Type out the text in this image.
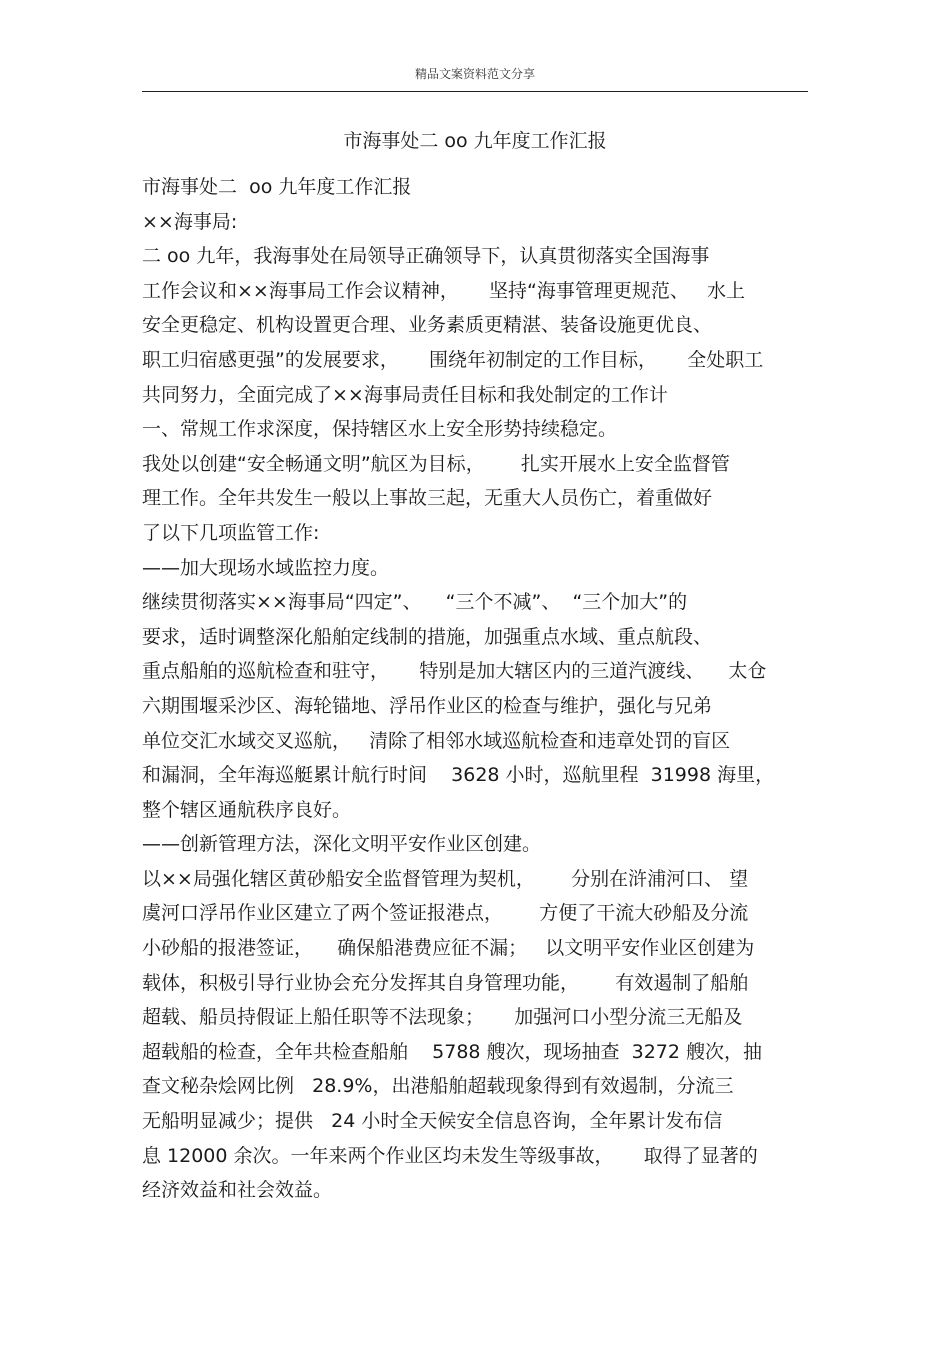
精品文案资料范文分享
市海事处二 oo 九年度工作汇报
市海事处二  oo 九年度工作汇报
××海事局:
二 oo 九年，我海事处在局领导正确领导下，认真贯彻落实全国海事
工作会议和××海事局工作会议精神，     坚持“海事管理更规范、   水上
安全更稳定、机构设置更合理、业务素质更精湛、装备设施更优良、
职工归宿感更强”的发展要求，     围绕年初制定的工作目标，     全处职工
共同努力，全面完成了××海事局责任目标和我处制定的工作计
一、常规工作求深度，保持辖区水上安全形势持续稳定。
我处以创建“安全畅通文明”航区为目标，      扎实开展水上安全监督管
理工作。全年共发生一般以上事故三起，无重大人员伤亡，着重做好
了以下几项监管工作:
——加大现场水域监控力度。
继续贯彻落实××海事局“四定”、    “三个不减”、  “三个加大”的
要求，适时调整深化船舶定线制的措施，加强重点水域、重点航段、
重点船舶的巡航检查和驻守，     特别是加大辖区内的三道汽渡线、    太仓
六期围堰采沙区、海轮锚地、浮吊作业区的检查与维护，强化与兄弟
单位交汇水域交叉巡航，   清除了相邻水域巡航检查和违章处罚的盲区
和漏洞，全年海巡艇累计航行时间    3628 小时，巡航里程  31998 海里，
整个辖区通航秩序良好。
——创新管理方法，深化文明平安作业区创建。
以××局强化辖区黄砂船安全监督管理为契机，      分别在浒浦河口、 望
虞河口浮吊作业区建立了两个签证报港点，      方便了干流大砂船及分流
小砂船的报港签证，    确保船港费应征不漏；   以文明平安作业区创建为
载体，积极引导行业协会充分发挥其自身管理功能，      有效遏制了船舶
超载、船员持假证上船任职等不法现象；     加强河口小型分流三无船及
超载船的检查，全年共检查船舶    5788 艘次，现场抽查  3272 艘次，抽
查文秘杂烩网比例   28.9%，出港船舶超载现象得到有效遏制，分流三
无船明显减少；提供   24 小时全天候安全信息咨询，全年累计发布信
息 12000 余次。一年来两个作业区均未发生等级事故，     取得了显著的
经济效益和社会效益。
